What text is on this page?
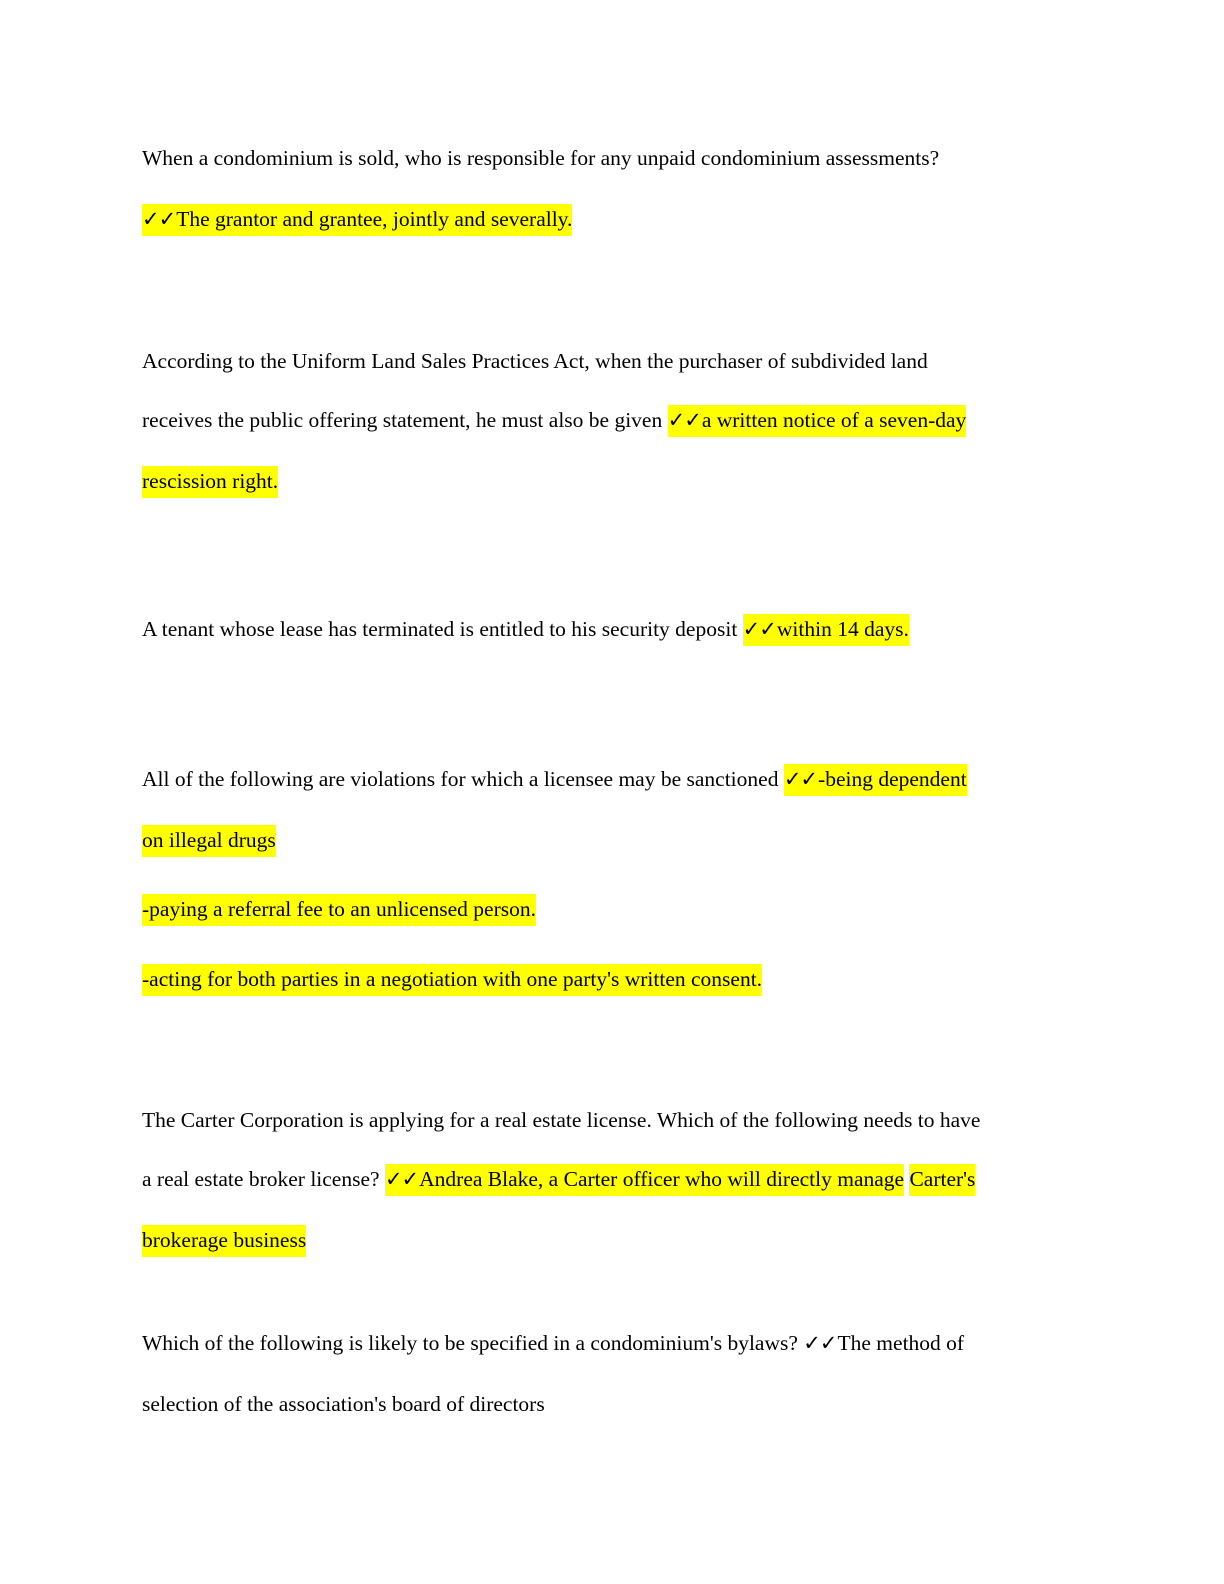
When a condominium is sold, who is responsible for any unpaid condominium assessments?
✓✓The grantor and grantee, jointly and severally.
According to the Uniform Land Sales Practices Act, when the purchaser of subdivided land
receives the public offering statement, he must also be given ✓✓a written notice of a seven-day
rescission right.
A tenant whose lease has terminated is entitled to his security deposit ✓✓within 14 days.
All of the following are violations for which a licensee may be sanctioned ✓✓-being dependent
on illegal drugs
-paying a referral fee to an unlicensed person.
-acting for both parties in a negotiation with one party's written consent.
The Carter Corporation is applying for a real estate license. Which of the following needs to have
a real estate broker license? ✓✓Andrea Blake, a Carter officer who will directly manage Carter's
brokerage business
Which of the following is likely to be specified in a condominium's bylaws? ✓✓The method of
selection of the association's board of directors
